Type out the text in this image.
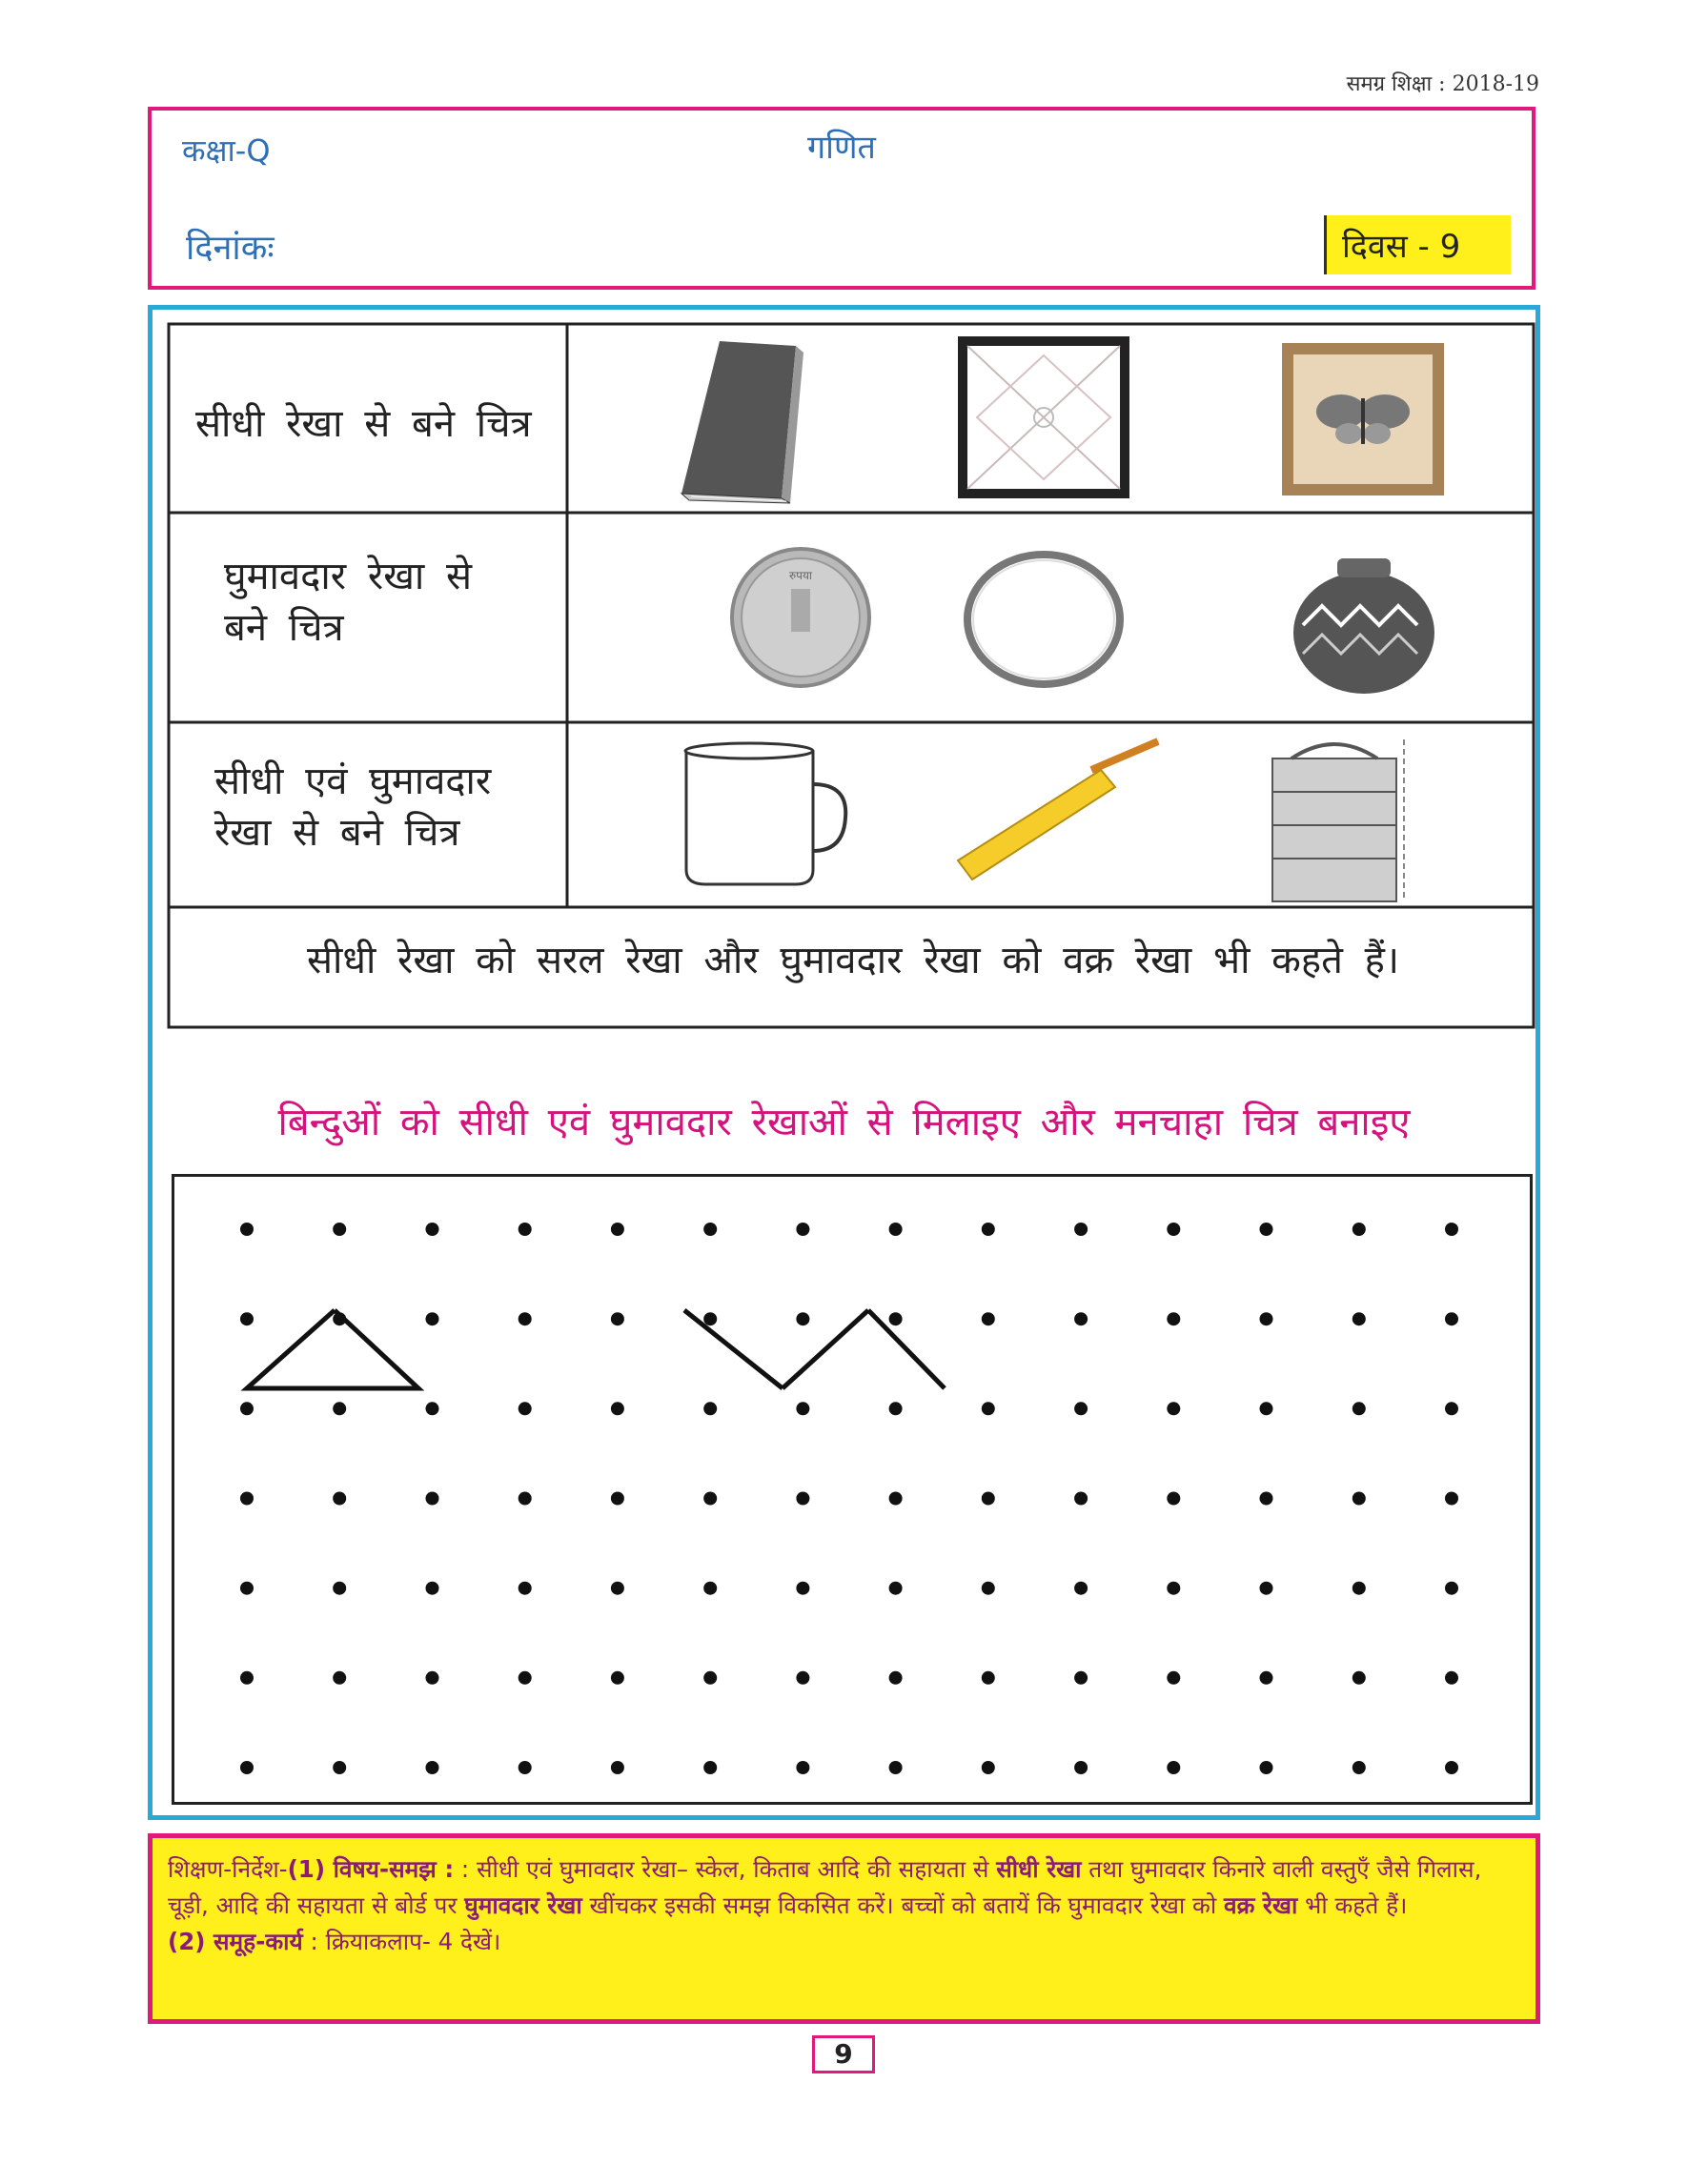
समग्र शिक्षा : 2018-19
कक्षा-Q	गणित
दिनांकः	दिवस - 9
रुपया
सीधी रेखा से बने चित्र
घुमावदार रेखा से
बने चित्र
सीधी एवं घुमावदार
रेखा से बने चित्र
सीधी रेखा को सरल रेखा और घुमावदार रेखा को वक्र रेखा भी कहते हैं।
बिन्दुओं को सीधी एवं घुमावदार रेखाओं से मिलाइए और मनचाहा चित्र बनाइए
शिक्षण-निर्देश-(1) विषय-समझ : : सीधी एवं घुमावदार रेखा– स्केल, किताब आदि की सहायता से सीधी रेखा तथा घुमावदार किनारे वाली वस्तुएँ जैसे गिलास, चूड़ी, आदि की सहायता से बोर्ड पर घुमावदार रेखा खींचकर इसकी समझ विकसित करें। बच्चों को बतायें कि घुमावदार रेखा को वक्र रेखा भी कहते हैं।
(2) समूह-कार्य : क्रियाकलाप- 4 देखें।
9
